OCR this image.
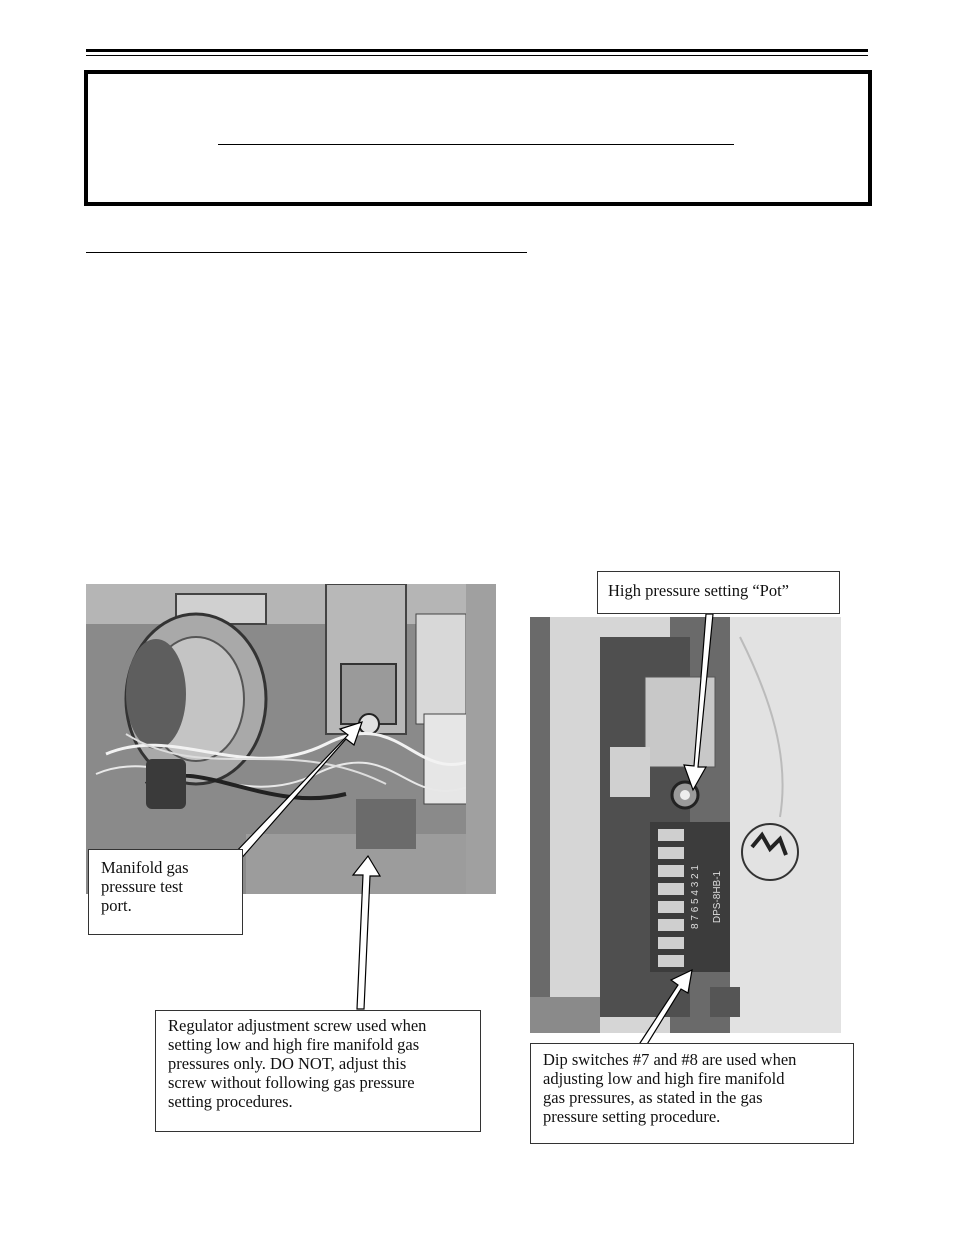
DPS-8HB-1
8 7 6 5 4 3 2 1
Manifold gas
pressure test
port.
Regulator adjustment screw used when
setting low and high fire manifold gas
pressures only. DO NOT, adjust this
screw without following gas pressure
setting procedures.
High pressure setting “Pot”
Dip switches #7 and #8 are used when
adjusting low and high fire manifold
gas pressures, as stated in the gas
pressure setting procedure.
